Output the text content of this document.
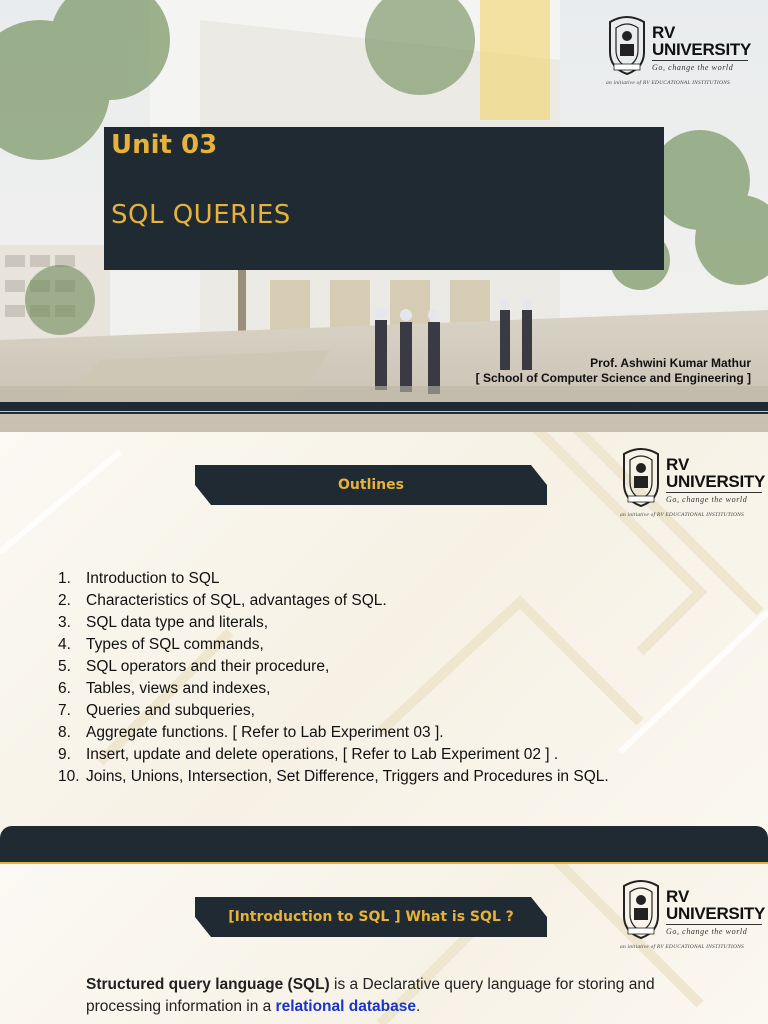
RV
UNIVERSITY
Go, change the world
an initiative of RV EDUCATIONAL INSTITUTIONS
Unit 03
SQL QUERIES
Prof. Ashwini Kumar Mathur
[ School of Computer Science and Engineering ]
Outlines
RV
UNIVERSITY
Go, change the world
an initiative of RV EDUCATIONAL INSTITUTIONS
1. Introduction to SQL
2. Characteristics of SQL, advantages of SQL.
3. SQL data type and literals,
4. Types of SQL commands,
5. SQL operators and their procedure,
6. Tables, views and indexes,
7. Queries and subqueries,
8. Aggregate functions. [ Refer to Lab Experiment 03 ].
9. Insert, update and delete operations, [ Refer to Lab Experiment 02 ] .
10. Joins, Unions, Intersection, Set Difference, Triggers and Procedures in SQL.
[Introduction to SQL ] What is SQL ?
RV
UNIVERSITY
Go, change the world
an initiative of RV EDUCATIONAL INSTITUTIONS

Structured query language (SQL) is a Declarative query language for storing and processing information in a relational database.
